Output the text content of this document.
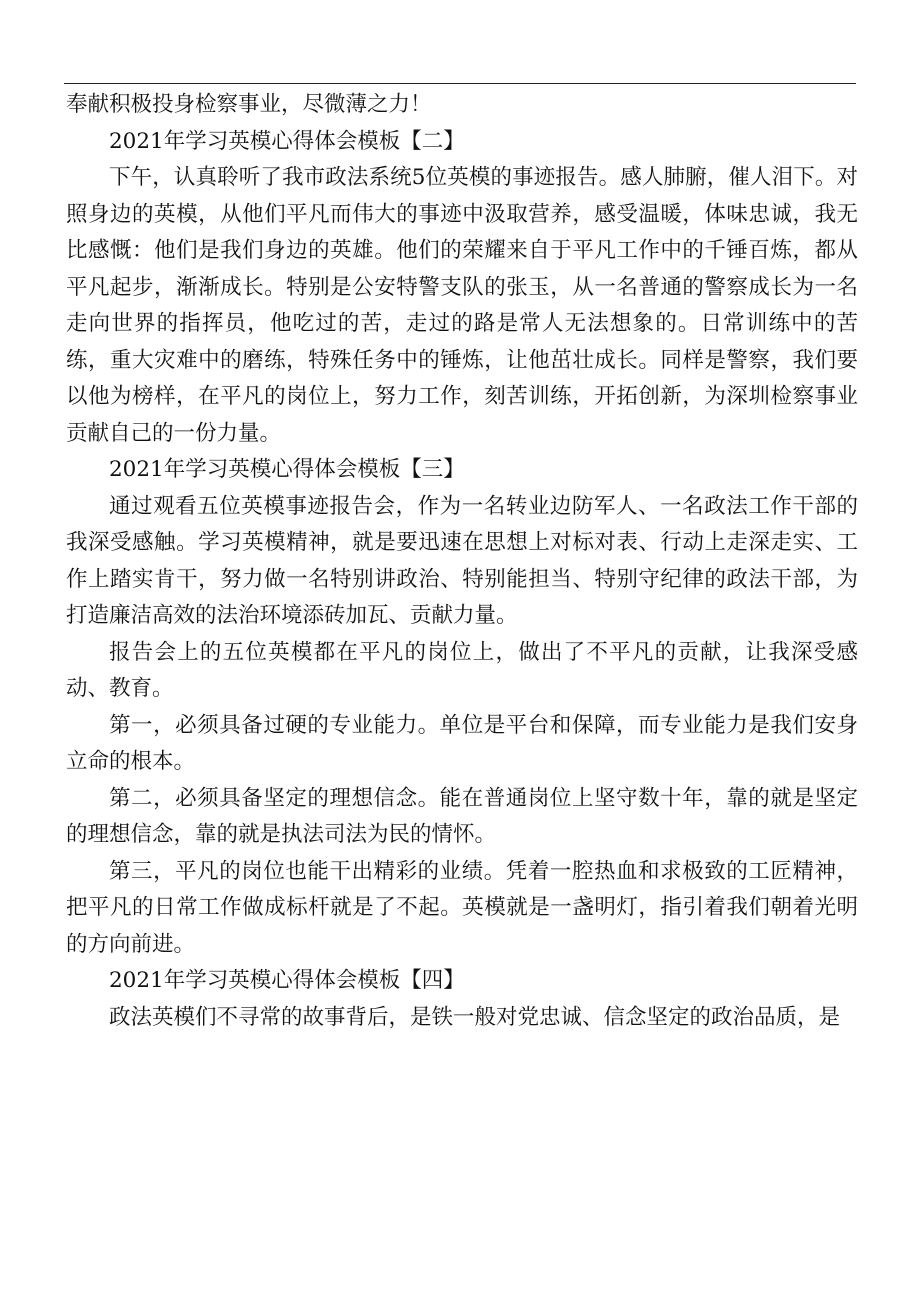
奉献积极投身检察事业，尽微薄之力！

2021年学习英模心得体会模板【二】

下午，认真聆听了我市政法系统5位英模的事迹报告。感人肺腑，催人泪下。对照身边的英模，从他们平凡而伟大的事迹中汲取营养，感受温暖，体味忠诚，我无比感慨：他们是我们身边的英雄。他们的荣耀来自于平凡工作中的千锤百炼，都从平凡起步，渐渐成长。特别是公安特警支队的张玉，从一名普通的警察成长为一名走向世界的指挥员，他吃过的苦，走过的路是常人无法想象的。日常训练中的苦练，重大灾难中的磨练，特殊任务中的锤炼，让他茁壮成长。同样是警察，我们要以他为榜样，在平凡的岗位上，努力工作，刻苦训练，开拓创新，为深圳检察事业贡献自己的一份力量。

2021年学习英模心得体会模板【三】

通过观看五位英模事迹报告会，作为一名转业边防军人、一名政法工作干部的我深受感触。学习英模精神，就是要迅速在思想上对标对表、行动上走深走实、工作上踏实肯干，努力做一名特别讲政治、特别能担当、特别守纪律的政法干部，为打造廉洁高效的法治环境添砖加瓦、贡献力量。

报告会上的五位英模都在平凡的岗位上，做出了不平凡的贡献，让我深受感动、教育。

第一，必须具备过硬的专业能力。单位是平台和保障，而专业能力是我们安身立命的根本。

第二，必须具备坚定的理想信念。能在普通岗位上坚守数十年，靠的就是坚定的理想信念，靠的就是执法司法为民的情怀。

第三，平凡的岗位也能干出精彩的业绩。凭着一腔热血和求极致的工匠精神，把平凡的日常工作做成标杆就是了不起。英模就是一盏明灯，指引着我们朝着光明的方向前进。

2021年学习英模心得体会模板【四】

政法英模们不寻常的故事背后，是铁一般对党忠诚、信念坚定的政治品质，是
